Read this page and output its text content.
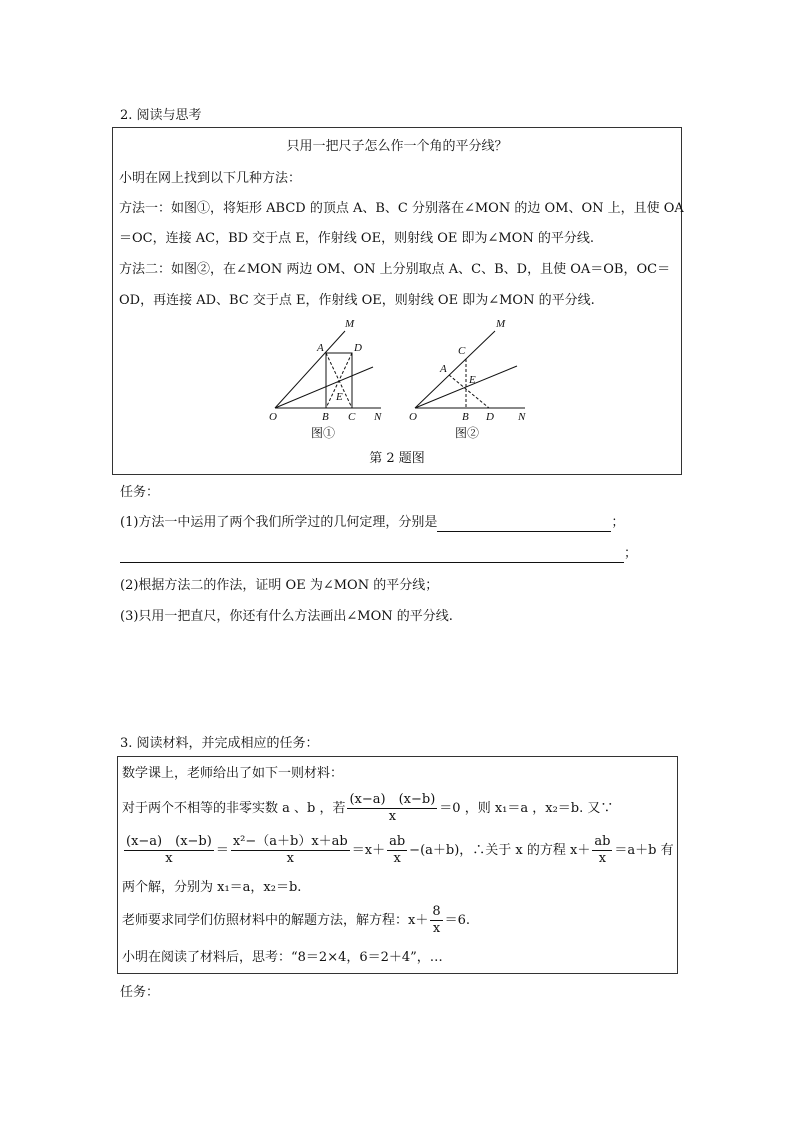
2. 阅读与思考
只用一把尺子怎么作一个角的平分线？
小明在网上找到以下几种方法：
方法一：如图①，将矩形 ABCD 的顶点 A、B、C 分别落在∠MON 的边 OM、ON 上，且使 OA
＝OC，连接 AC，BD 交于点 E，作射线 OE，则射线 OE 即为∠MON 的平分线.
方法二：如图②，在∠MON 两边 OM、ON 上分别取点 A、C、B、D，且使 OA＝OB，OC＝
OD，再连接 AD、BC 交于点 E，作射线 OE，则射线 OE 即为∠MON 的平分线.
M
A	D
E
O	B C N
图①
M
C
A
E
O	B D N
图②
第 2 题图
任务：
(1)方法一中运用了两个我们所学过的几何定理，分别是	；
；
(2)根据方法二的作法，证明 OE 为∠MON 的平分线；
(3)只用一把直尺，你还有什么方法画出∠MON 的平分线.
3. 阅读材料，并完成相应的任务：
数学课上，老师给出了如下一则材料：
对于两个不相等的非零实数 a 、b ，若 $\frac{(x-a) (x-b)}{x} =0$ ，则 x₁＝a ，x₂＝b. 又∵
$\frac{(x-a) (x-b)}{x} = \frac{\text{x²−（a＋b）x＋ab}}{x} =x+ \frac{ab}{x} -(a+b)$，∴关于 x 的方程 $x+ \frac{ab}{x} =a+b$ 有
两个解，分别为 x₁＝a，x₂＝b.
老师要求同学们仿照材料中的解题方法，解方程：$x+ \frac{8}{x} =6$.
小明在阅读了材料后，思考：“8＝2×4，6＝2＋4”，…
任务：
